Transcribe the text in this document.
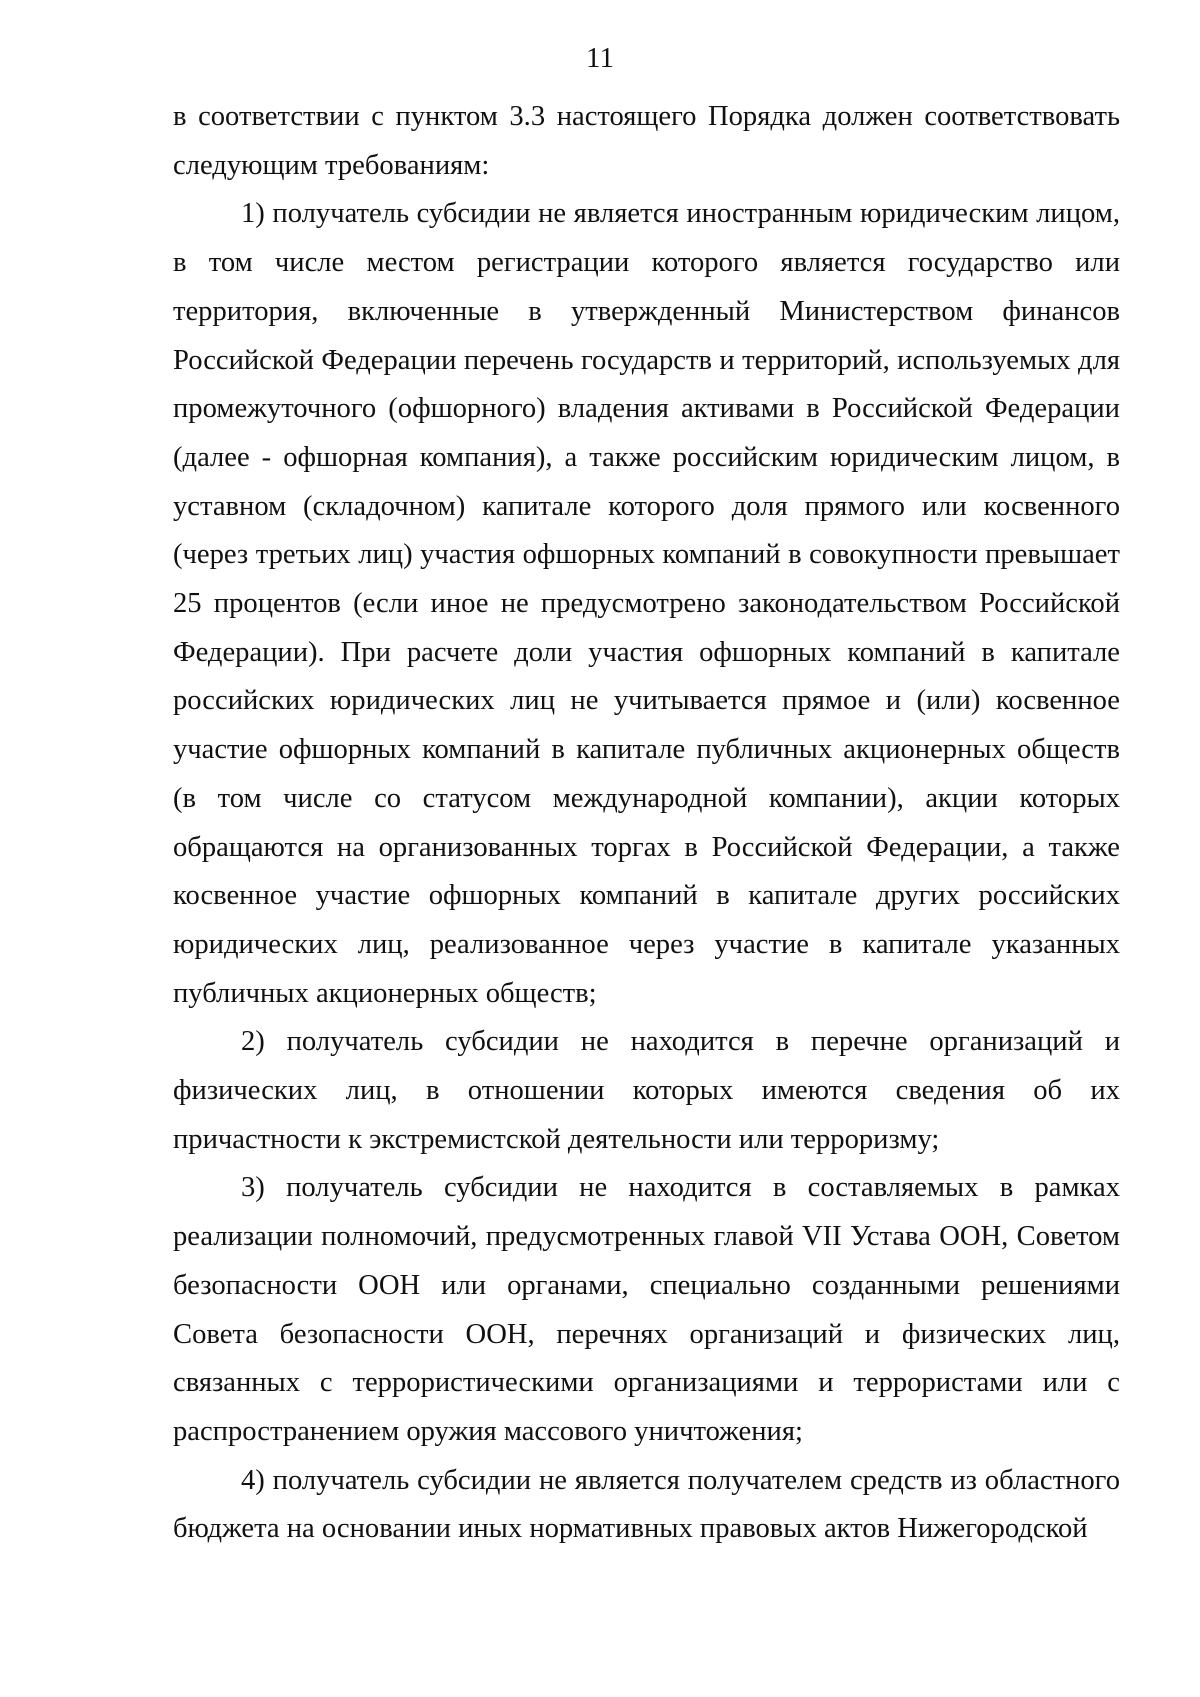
11

в соответствии с пунктом 3.3 настоящего Порядка должен соответствовать следующим требованиям:

1) получатель субсидии не является иностранным юридическим лицом, в том числе местом регистрации которого является государство или территория, включенные в утвержденный Министерством финансов Российской Федерации перечень государств и территорий, используемых для промежуточного (офшорного) владения активами в Российской Федерации (далее - офшорная компания), а также российским юридическим лицом, в уставном (складочном) капитале которого доля прямого или косвенного (через третьих лиц) участия офшорных компаний в совокупности превышает 25 процентов (если иное не предусмотрено законодательством Российской Федерации). При расчете доли участия офшорных компаний в капитале российских юридических лиц не учитывается прямое и (или) косвенное участие офшорных компаний в капитале публичных акционерных обществ (в том числе со статусом международной компании), акции которых обращаются на организованных торгах в Российской Федерации, а также косвенное участие офшорных компаний в капитале других российских юридических лиц, реализованное через участие в капитале указанных публичных акционерных обществ;

2) получатель субсидии не находится в перечне организаций и физических лиц, в отношении которых имеются сведения об их причастности к экстремистской деятельности или терроризму;

3) получатель субсидии не находится в составляемых в рамках реализации полномочий, предусмотренных главой VII Устава ООН, Советом безопасности ООН или органами, специально созданными решениями Совета безопасности ООН, перечнях организаций и физических лиц, связанных с террористическими организациями и террористами или с распространением оружия массового уничтожения;

4) получатель субсидии не является получателем средств из областного бюджета на основании иных нормативных правовых актов Нижегородской
